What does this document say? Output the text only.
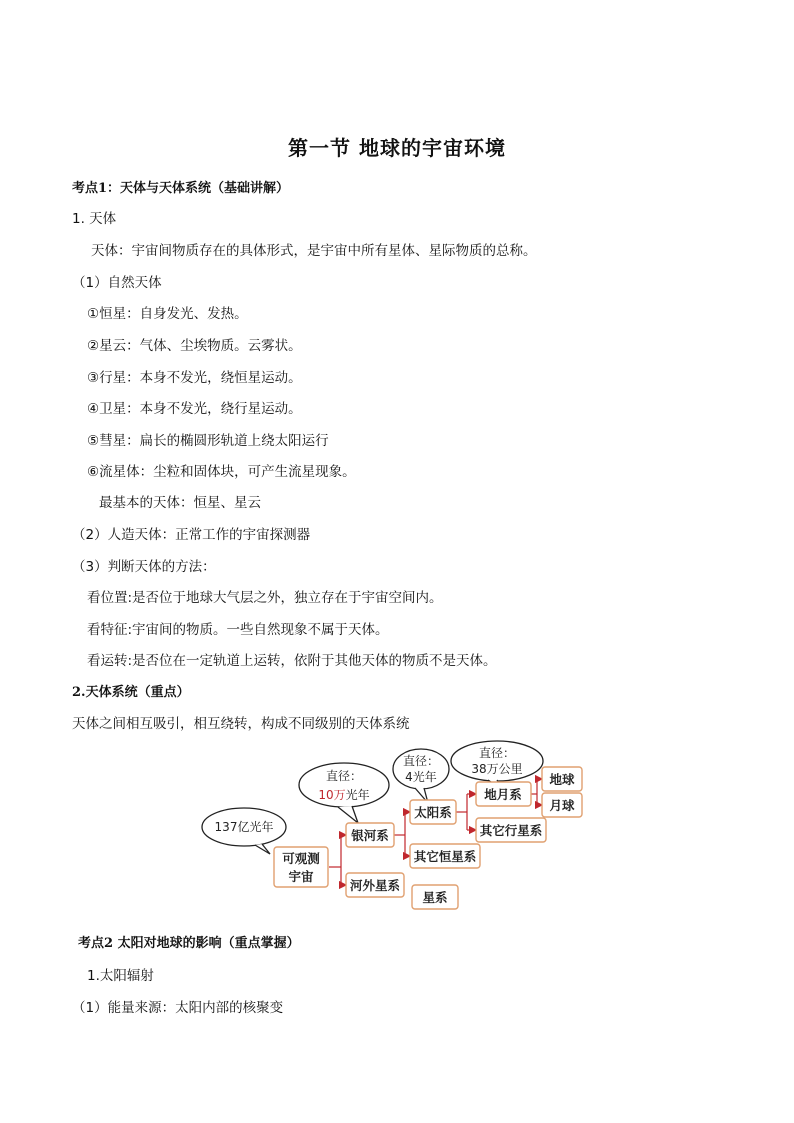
第一节 地球的宇宙环境
考点1：天体与天体系统（基础讲解）
1. 天体
天体：宇宙间物质存在的具体形式，是宇宙中所有星体、星际物质的总称。
（1）自然天体
①恒星：自身发光、发热。
②星云：气体、尘埃物质。云雾状。
③行星：本身不发光，绕恒星运动。
④卫星：本身不发光，绕行星运动。
⑤彗星：扁长的椭圆形轨道上绕太阳运行
⑥流星体：尘粒和固体块，可产生流星现象。
最基本的天体：恒星、星云
（2）人造天体：正常工作的宇宙探测器
（3）判断天体的方法：
看位置:是否位于地球大气层之外，独立存在于宇宙空间内。
看特征:宇宙间的物质。一些自然现象不属于天体。
看运转:是否位在一定轨道上运转，依附于其他天体的物质不是天体。
2.天体系统（重点）
天体之间相互吸引，相互绕转，构成不同级别的天体系统
137亿光年
直径：
10万光年
直径：
4光年
直径：
38万公里
可观测
宇宙
银河系
河外星系
星系
太阳系
其它恒星系
地月系
其它行星系
地球
月球
考点2 太阳对地球的影响（重点掌握）
1.太阳辐射
（1）能量来源：太阳内部的核聚变
